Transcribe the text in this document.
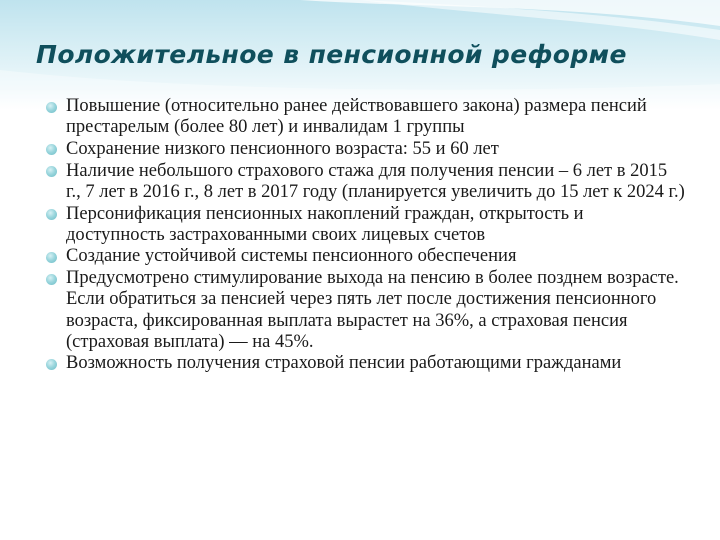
Положительное в пенсионной реформе
Повышение (относительно ранее действовавшего закона) размера пенсий престарелым (более 80 лет) и инвалидам 1 группы
Сохранение низкого пенсионного возраста: 55 и 60 лет
Наличие небольшого страхового стажа для получения пенсии – 6 лет в 2015 г., 7 лет в 2016 г., 8 лет в 2017 году (планируется увеличить до 15 лет к 2024 г.)
Персонификация пенсионных накоплений граждан, открытость и доступность застрахованными своих лицевых счетов
Создание устойчивой системы пенсионного обеспечения
Предусмотрено стимулирование выхода на пенсию в более позднем возрасте. Если обратиться за пенсией через пять лет после достижения пенсионного возраста, фиксированная выплата вырастет на 36%, а страховая пенсия (страховая выплата) — на 45%.
Возможность получения страховой пенсии работающими гражданами
